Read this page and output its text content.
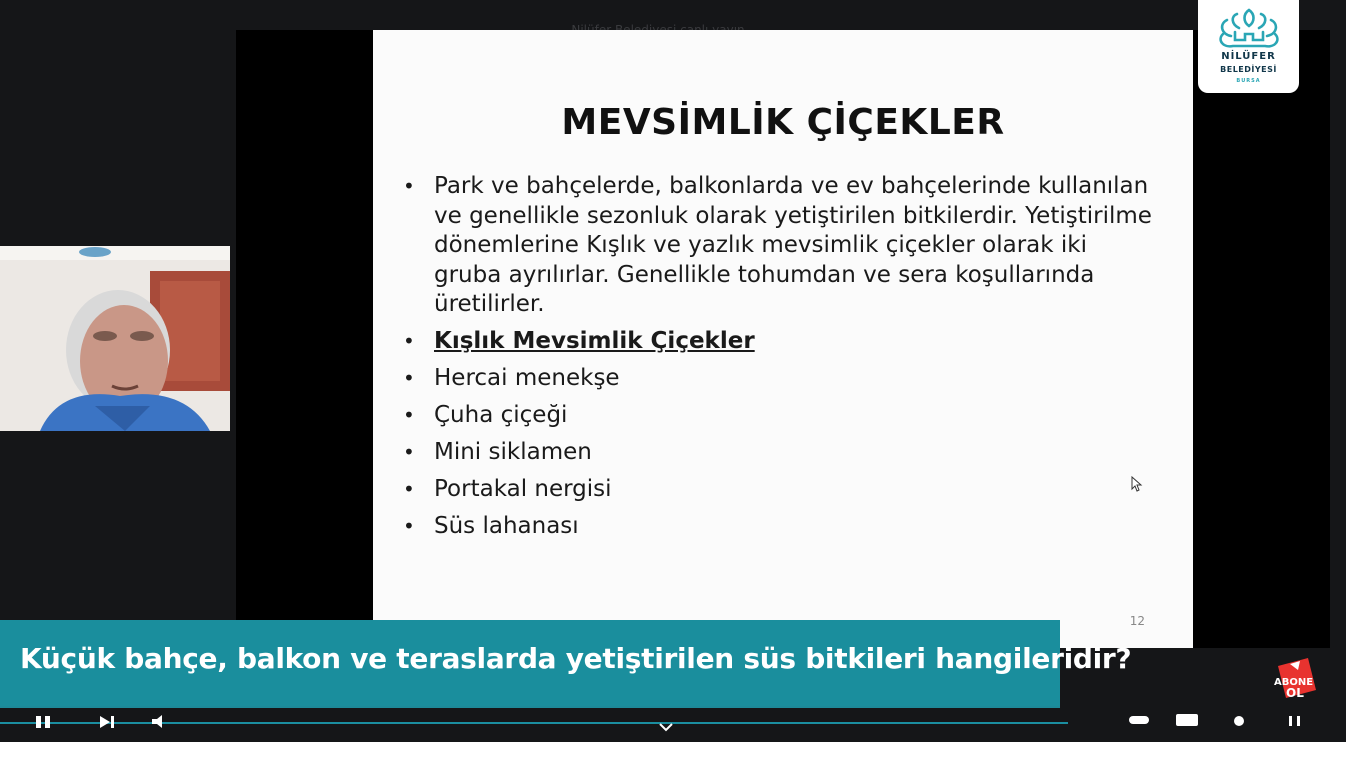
MEVSİMLİK ÇİÇEKLER
• Park ve bahçelerde, balkonlarda ve ev bahçelerinde kullanılan ve genellikle sezonluk olarak yetiştirilen bitkilerdir. Yetiştirilme dönemlerine Kışlık ve yazlık mevsimlik çiçekler olarak iki gruba ayrılırlar. Genellikle tohumdan ve sera koşullarında üretilirler.
• Kışlık Mevsimlik Çiçekler
• Hercai menekşe
• Çuha çiçeği
• Mini siklamen
• Portakal nergisi
• Süs lahanası
12
NİLÜFER
BELEDİYESİ
BURSA
Küçük bahçe, balkon ve teraslarda yetiştirilen süs bitkileri hangileridir?
ABONE
OL
